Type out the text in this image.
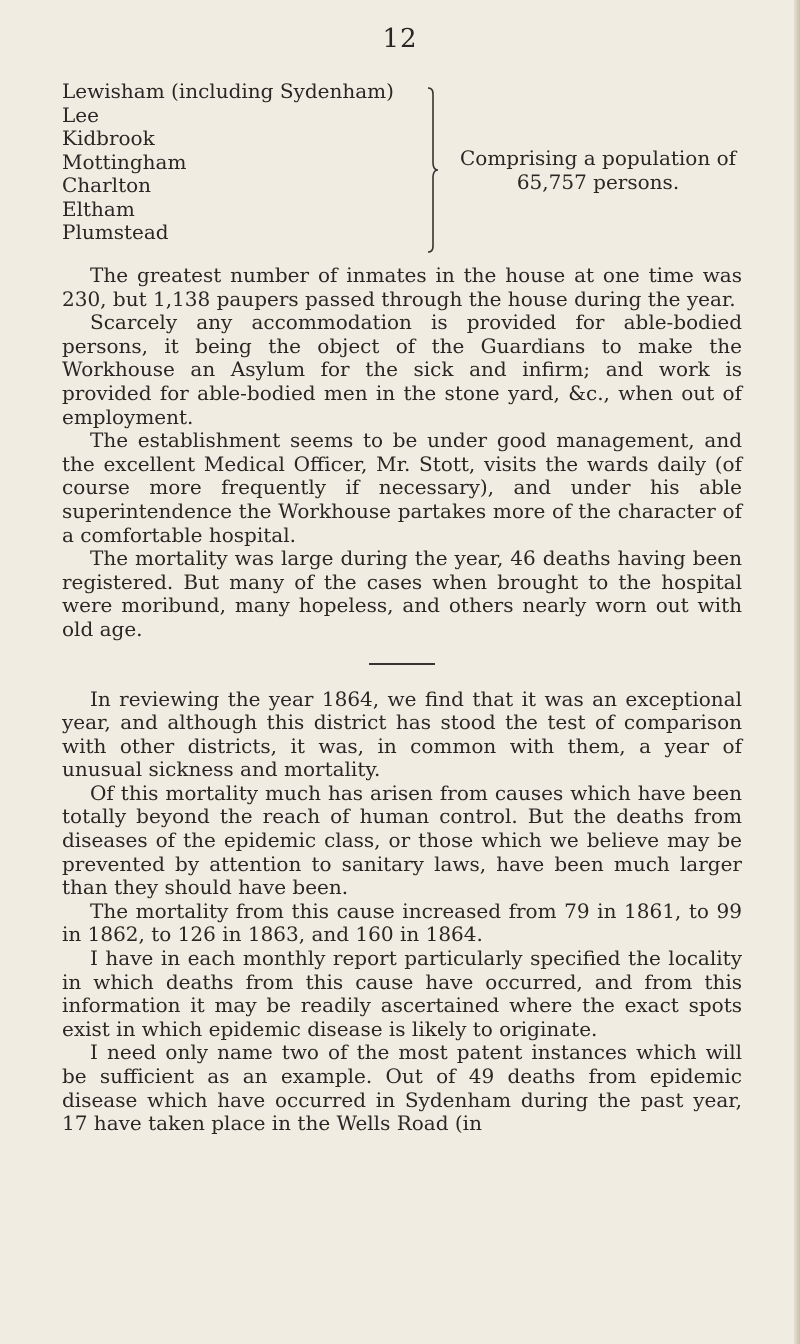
12
Lewisham (including Sydenham)
Lee
Kidbrook
Mottingham
Charlton
Eltham
Plumstead
Comprising a population of 65,757 persons.

The greatest number of inmates in the house at one time was 230, but 1,138 paupers passed through the house during the year.

Scarcely any accommodation is provided for able-bodied persons, it being the object of the Guardians to make the Workhouse an Asylum for the sick and infirm; and work is provided for able-bodied men in the stone yard, &c., when out of employment.

The establishment seems to be under good management, and the excellent Medical Officer, Mr. Stott, visits the wards daily (of course more frequently if necessary), and under his able superintendence the Workhouse partakes more of the character of a comfortable hospital.

The mortality was large during the year, 46 deaths having been registered. But many of the cases when brought to the hospital were moribund, many hopeless, and others nearly worn out with old age.

In reviewing the year 1864, we find that it was an exceptional year, and although this district has stood the test of comparison with other districts, it was, in common with them, a year of unusual sickness and mortality.

Of this mortality much has arisen from causes which have been totally beyond the reach of human control. But the deaths from diseases of the epidemic class, or those which we believe may be prevented by attention to sanitary laws, have been much larger than they should have been.

The mortality from this cause increased from 79 in 1861, to 99 in 1862, to 126 in 1863, and 160 in 1864.

I have in each monthly report particularly specified the locality in which deaths from this cause have occurred, and from this information it may be readily ascertained where the exact spots exist in which epidemic disease is likely to originate.

I need only name two of the most patent instances which will be sufficient as an example. Out of 49 deaths from epidemic disease which have occurred in Sydenham during the past year, 17 have taken place in the Wells Road (in
